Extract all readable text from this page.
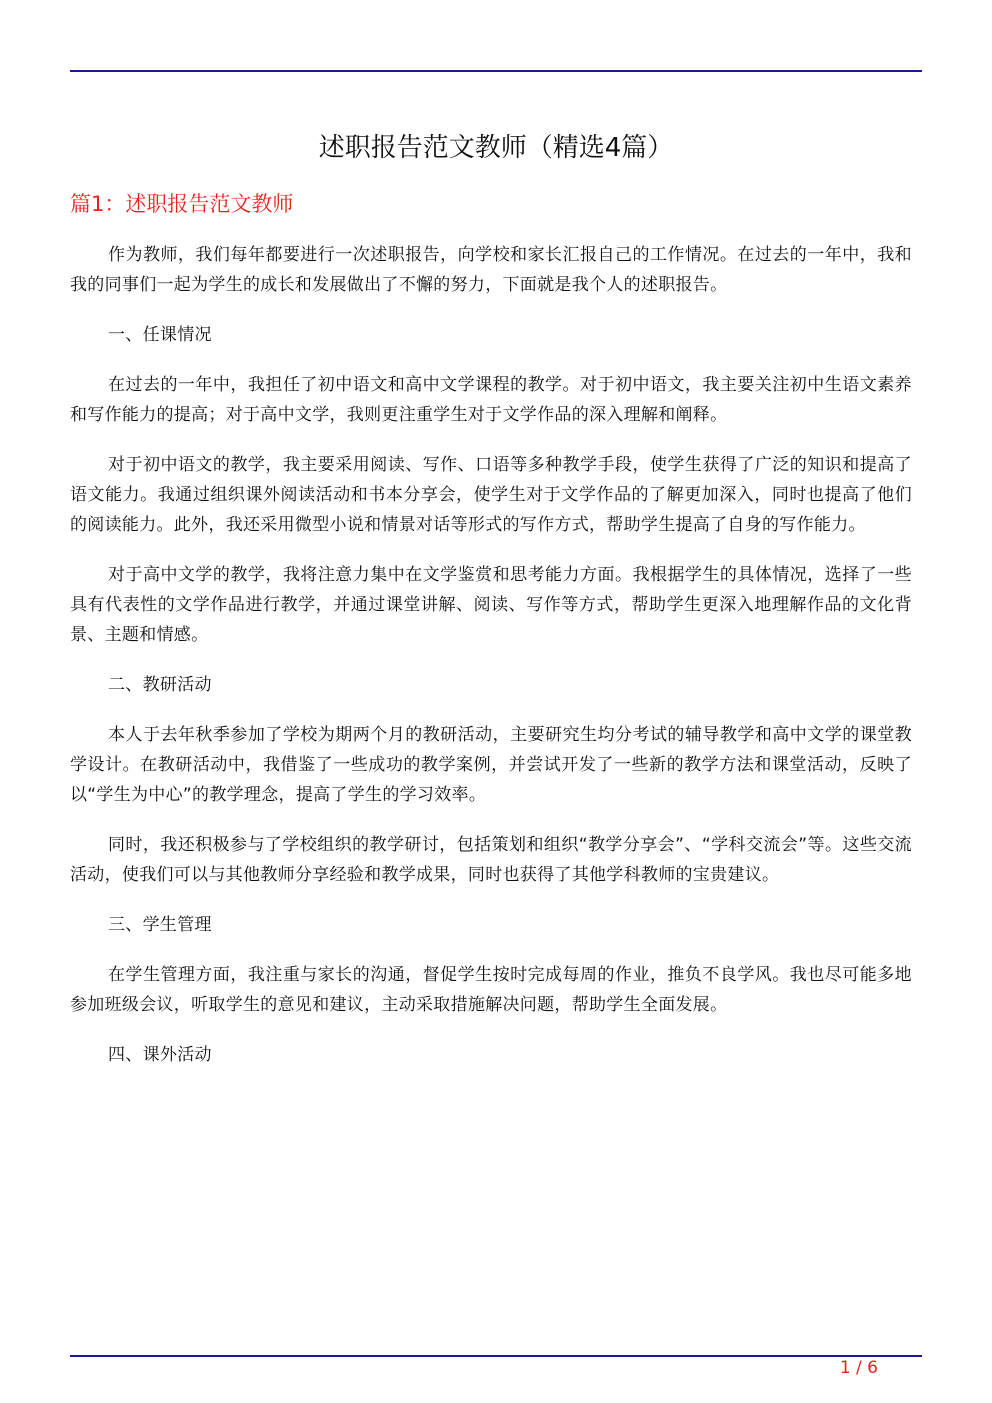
述职报告范文教师（精选4篇）
篇1：述职报告范文教师

作为教师，我们每年都要进行一次述职报告，向学校和家长汇报自己的工作情况。在过去的一年中，我和我的同事们一起为学生的成长和发展做出了不懈的努力，下面就是我个人的述职报告。

一、任课情况

在过去的一年中，我担任了初中语文和高中文学课程的教学。对于初中语文，我主要关注初中生语文素养和写作能力的提高；对于高中文学，我则更注重学生对于文学作品的深入理解和阐释。

对于初中语文的教学，我主要采用阅读、写作、口语等多种教学手段，使学生获得了广泛的知识和提高了语文能力。我通过组织课外阅读活动和书本分享会，使学生对于文学作品的了解更加深入，同时也提高了他们的阅读能力。此外，我还采用微型小说和情景对话等形式的写作方式，帮助学生提高了自身的写作能力。

对于高中文学的教学，我将注意力集中在文学鉴赏和思考能力方面。我根据学生的具体情况，选择了一些具有代表性的文学作品进行教学，并通过课堂讲解、阅读、写作等方式，帮助学生更深入地理解作品的文化背景、主题和情感。

二、教研活动

本人于去年秋季参加了学校为期两个月的教研活动，主要研究生均分考试的辅导教学和高中文学的课堂教学设计。在教研活动中，我借鉴了一些成功的教学案例，并尝试开发了一些新的教学方法和课堂活动，反映了以“学生为中心”的教学理念，提高了学生的学习效率。

同时，我还积极参与了学校组织的教学研讨，包括策划和组织“教学分享会”、“学科交流会”等。这些交流活动，使我们可以与其他教师分享经验和教学成果，同时也获得了其他学科教师的宝贵建议。

三、学生管理

在学生管理方面，我注重与家长的沟通，督促学生按时完成每周的作业，推负不良学风。我也尽可能多地参加班级会议，听取学生的意见和建议，主动采取措施解决问题，帮助学生全面发展。

四、课外活动

1 / 6
